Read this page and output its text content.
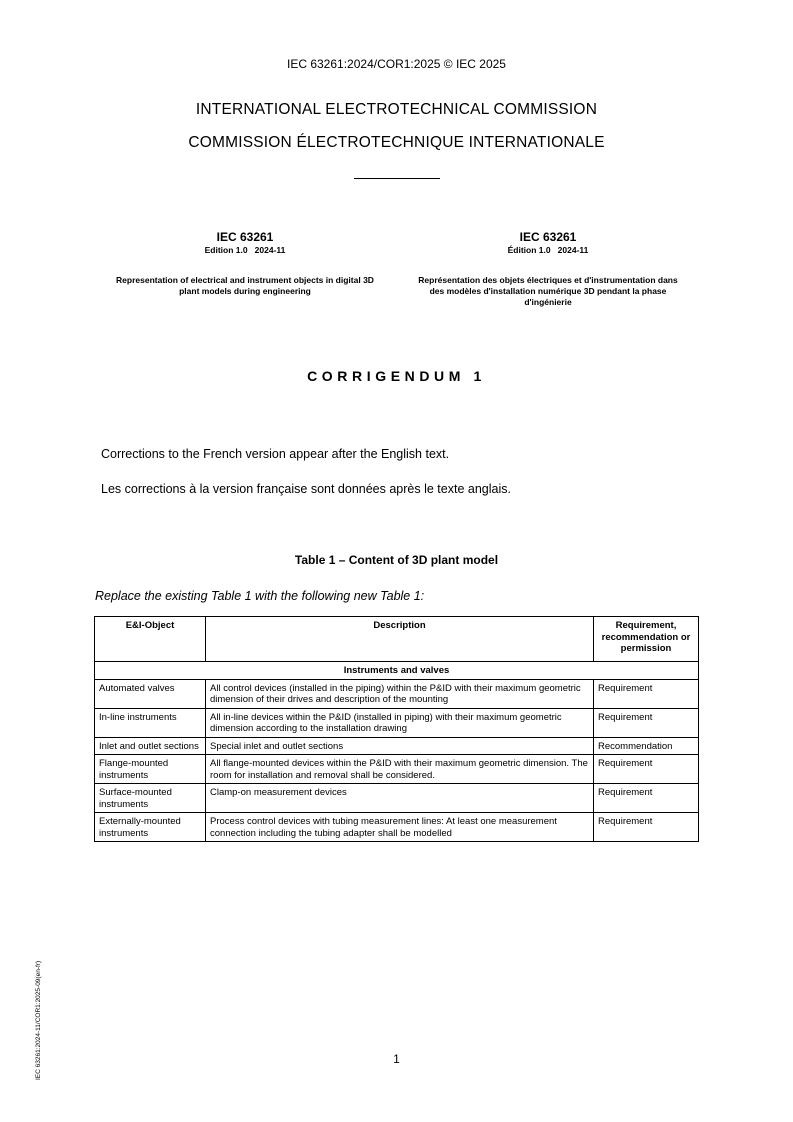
IEC 63261:2024/COR1:2025 © IEC 2025
INTERNATIONAL ELECTROTECHNICAL COMMISSION
COMMISSION ÉLECTROTECHNIQUE INTERNATIONALE
IEC 63261
Edition 1.0   2024-11
Representation of electrical and instrument objects in digital 3D plant models during engineering
IEC 63261
Édition 1.0   2024-11
Représentation des objets électriques et d'instrumentation dans des modèles d'installation numérique 3D pendant la phase d'ingénierie
CORRIGENDUM 1
Corrections to the French version appear after the English text.
Les corrections à la version française sont données après le texte anglais.
Table 1 – Content of 3D plant model
Replace the existing Table 1 with the following new Table 1:
E&I-Object	Description	Requirement, recommendation or permission
Instruments and valves		
Automated valves	All control devices (installed in the piping) within the P&ID with their maximum geometric dimension of their drives and description of the mounting	Requirement
In-line instruments	All in-line devices within the P&ID (installed in piping) with their maximum geometric dimension according to the installation drawing	Requirement
Inlet and outlet sections	Special inlet and outlet sections	Recommendation
Flange-mounted instruments	All flange-mounted devices within the P&ID with their maximum geometric dimension. The room for installation and removal shall be considered.	Requirement
Surface-mounted instruments	Clamp-on measurement devices	Requirement
Externally-mounted instruments	Process control devices with tubing measurement lines: At least one measurement connection including the tubing adapter shall be modelled	Requirement
IEC 63261:2024-11/COR1:2025-09(en-fr)	1
